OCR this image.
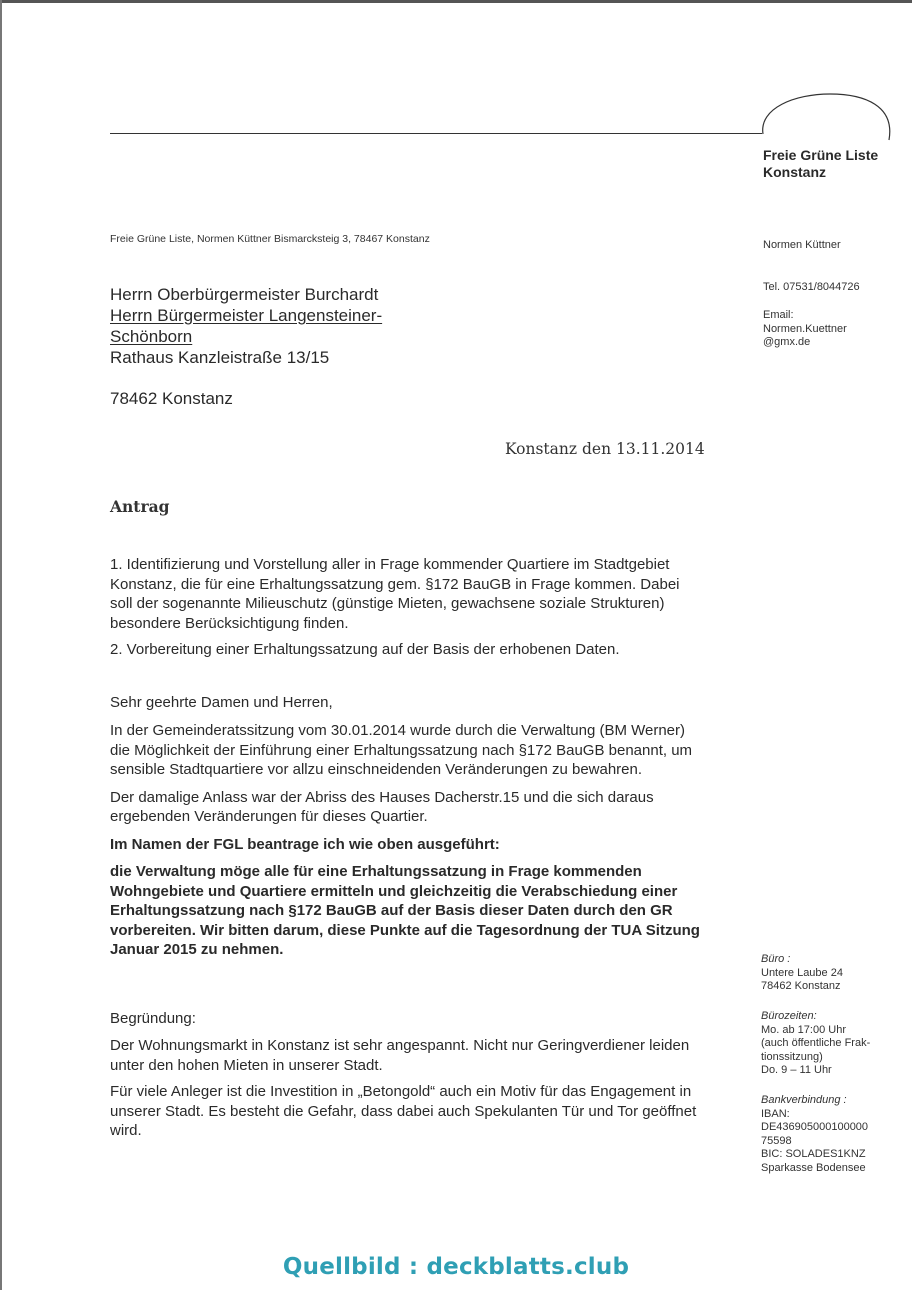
Freie Grüne Liste
Konstanz
Freie Grüne Liste, Normen Küttner Bismarcksteig 3, 78467 Konstanz	Normen Küttner
Tel. 07531/8044726
Email:
Normen.Kuettner
@gmx.de
Herrn Oberbürgermeister Burchardt
Herrn Bürgermeister Langensteiner-
Schönborn
Rathaus Kanzleistraße 13/15
78462 Konstanz
Konstanz den 13.11.2014
Antrag

1. Identifizierung und Vorstellung aller in Frage kommender Quartiere im Stadtgebiet Konstanz, die für eine Erhaltungssatzung gem. §172 BauGB in Frage kommen. Dabei soll der sogenannte Milieuschutz (günstige Mieten, gewachsene soziale Strukturen) besondere Berücksichtigung finden.

2. Vorbereitung einer Erhaltungssatzung auf der Basis der erhobenen Daten.

Sehr geehrte Damen und Herren,

In der Gemeinderatssitzung vom 30.01.2014 wurde durch die Verwaltung (BM Werner) die Möglichkeit der Einführung einer Erhaltungssatzung nach §172 BauGB benannt, um sensible Stadtquartiere vor allzu einschneidenden Veränderungen zu bewahren.

Der damalige Anlass war der Abriss des Hauses Dacherstr.15 und die sich daraus ergebenden Veränderungen für dieses Quartier.

Im Namen der FGL beantrage ich wie oben ausgeführt:

die Verwaltung möge alle für eine Erhaltungssatzung in Frage kommenden Wohngebiete und Quartiere ermitteln und gleichzeitig die Verabschiedung einer Erhaltungssatzung nach §172 BauGB auf der Basis dieser Daten durch den GR vorbereiten. Wir bitten darum, diese Punkte auf die Tagesordnung der TUA Sitzung Januar 2015 zu nehmen.

Begründung:

Der Wohnungsmarkt in Konstanz ist sehr angespannt. Nicht nur Geringverdiener leiden unter den hohen Mieten in unserer Stadt.

Für viele Anleger ist die Investition in „Betongold“ auch ein Motiv für das Engagement in unserer Stadt. Es besteht die Gefahr, dass dabei auch Spekulanten Tür und Tor geöffnet wird.

Büro :
Untere Laube 24
78462 Konstanz
Bürozeiten:
Mo. ab 17:00 Uhr
(auch öffentliche Frak-
tionssitzung)
Do. 9 – 11 Uhr
Bankverbindung :
IBAN:
DE436905000100000
75598
BIC: SOLADES1KNZ
Sparkasse Bodensee
Quellbild : deckblatts.club
